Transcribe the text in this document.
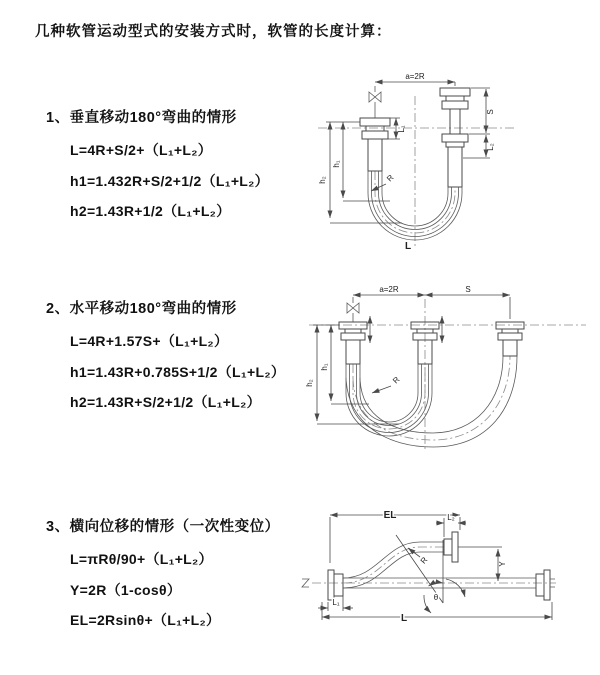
几种软管运动型式的安装方式时，软管的长度计算：
1、垂直移动180°弯曲的情形
L=4R+S/2+（L₁+L₂）
h1=1.432R+S/2+1/2（L₁+L₂）
h2=1.43R+1/2（L₁+L₂）
2、水平移动180°弯曲的情形
L=4R+1.57S+（L₁+L₂）
h1=1.43R+0.785S+1/2（L₁+L₂）
h2=1.43R+S/2+1/2（L₁+L₂）
3、横向位移的情形（一次性变位）
L=πRθ/90+（L₁+L₂）
Y=2R（1-cosθ）
EL=2Rsinθ+（L₁+L₂）
a=2R
S
L₂
L₁
h₁
h₂	R
L
a=2R	S
h₁
h₂	R
EL	L₂
Y
θ
R
L₁
L
